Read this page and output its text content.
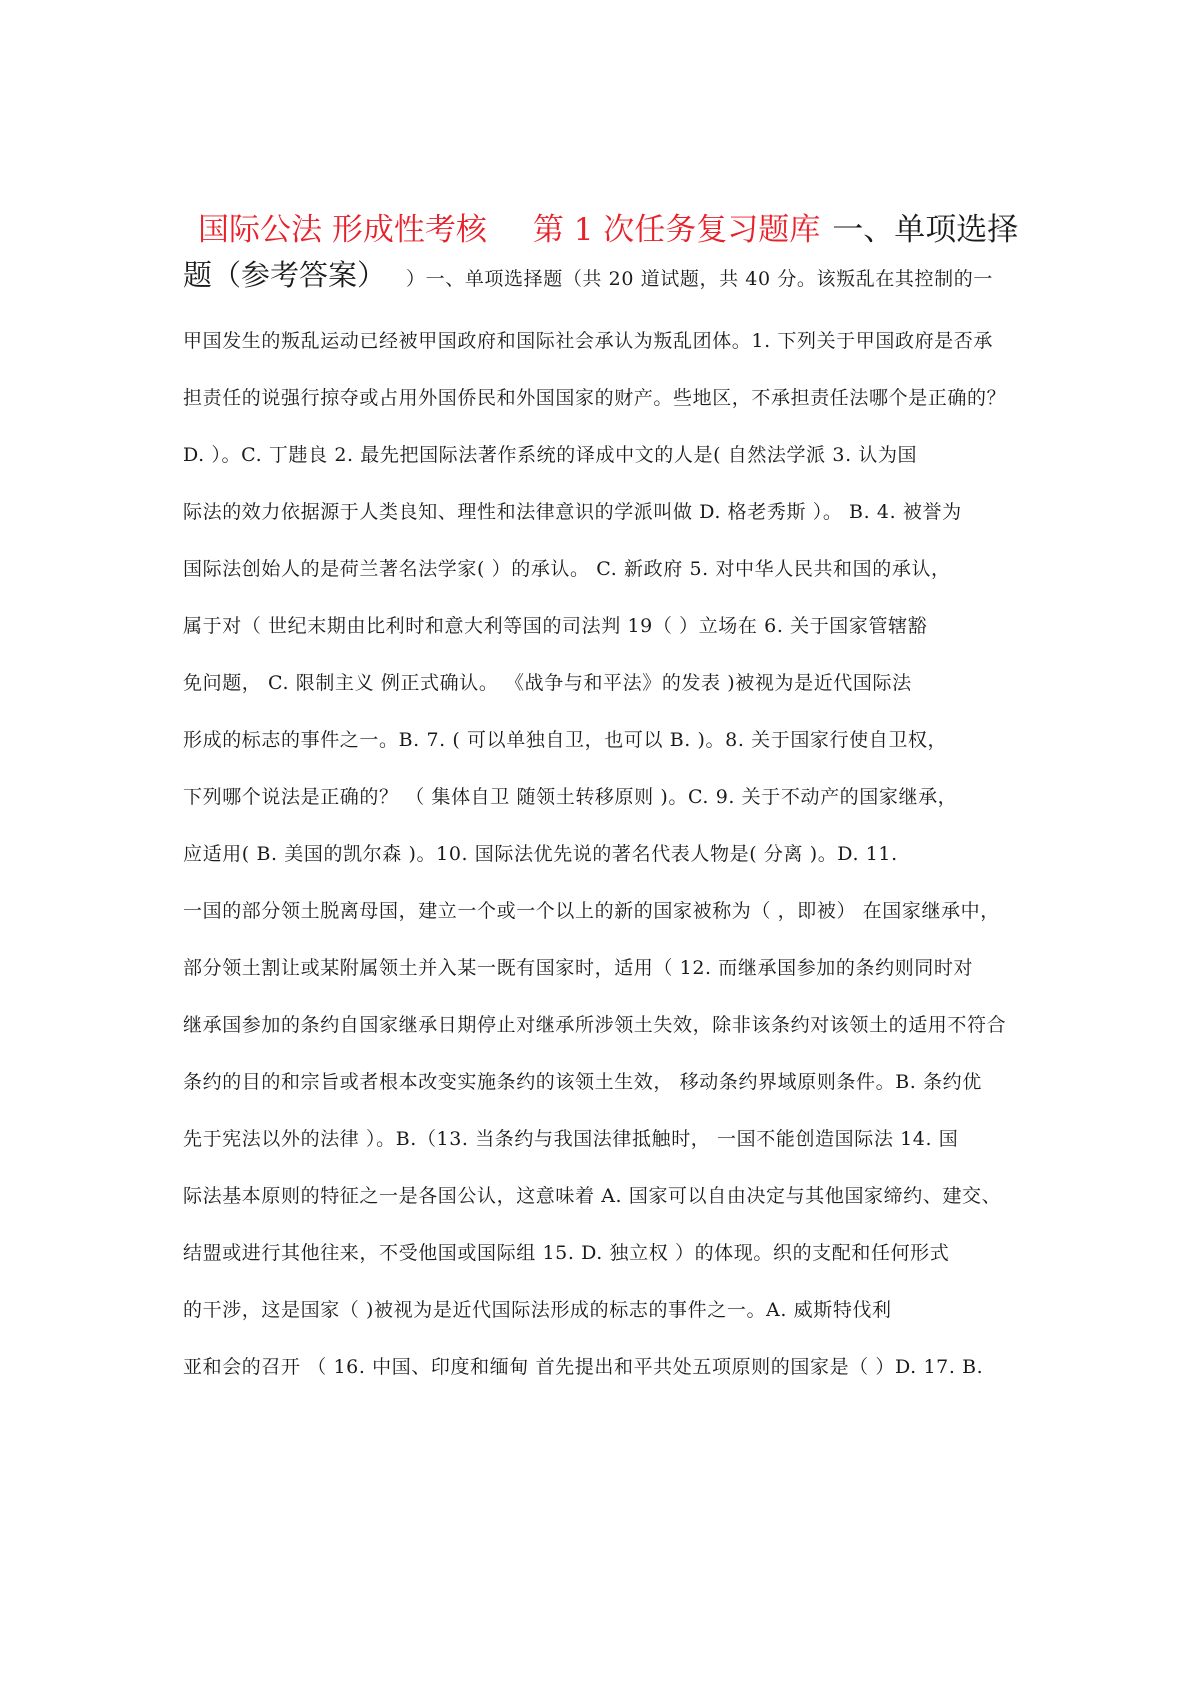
国际公法 形成性考核 第 1 次任务复习题库 一、单项选择
题（参考答案） ）一、单项选择题（共 20 道试题，共 40 分。该叛乱在其控制的一
甲国发生的叛乱运动已经被甲国政府和国际社会承认为叛乱团体。1. 下列关于甲国政府是否承
担责任的说强行掠夺或占用外国侨民和外国国家的财产。些地区，不承担责任法哪个是正确的？
D. ）。C. 丁韪良 2. 最先把国际法著作系统的译成中文的人是( 自然法学派 3. 认为国
际法的效力依据源于人类良知、理性和法律意识的学派叫做 D. 格老秀斯 ）。 B. 4. 被誉为
国际法创始人的是荷兰著名法学家( ）的承认。 C. 新政府 5. 对中华人民共和国的承认，
属于对（ 世纪末期由比利时和意大利等国的司法判 19（ ）立场在 6. 关于国家管辖豁
免问题， C. 限制主义 例正式确认。 《战争与和平法》的发表 )被视为是近代国际法
形成的标志的事件之一。B. 7. ( 可以单独自卫，也可以 B. )。8. 关于国家行使自卫权，
下列哪个说法是正确的？ （ 集体自卫 随领土转移原则 )。C. 9. 关于不动产的国家继承，
应适用( B. 美国的凯尔森 )。10. 国际法优先说的著名代表人物是( 分离 )。D. 11.
一国的部分领土脱离母国，建立一个或一个以上的新的国家被称为（ ，即被） 在国家继承中，
部分领土割让或某附属领土并入某一既有国家时，适用（ 12. 而继承国参加的条约则同时对
继承国参加的条约自国家继承日期停止对继承所涉领土失效，除非该条约对该领土的适用不符合
条约的目的和宗旨或者根本改变实施条约的该领土生效， 移动条约界域原则条件。B. 条约优
先于宪法以外的法律 ）。B.（13. 当条约与我国法律抵触时， 一国不能创造国际法 14. 国
际法基本原则的特征之一是各国公认，这意味着 A. 国家可以自由决定与其他国家缔约、建交、
结盟或进行其他往来，不受他国或国际组 15. D. 独立权 ）的体现。织的支配和任何形式
的干涉，这是国家（ )被视为是近代国际法形成的标志的事件之一。A. 威斯特伐利
亚和会的召开 （ 16. 中国、印度和缅甸 首先提出和平共处五项原则的国家是（ ）D. 17. B.
